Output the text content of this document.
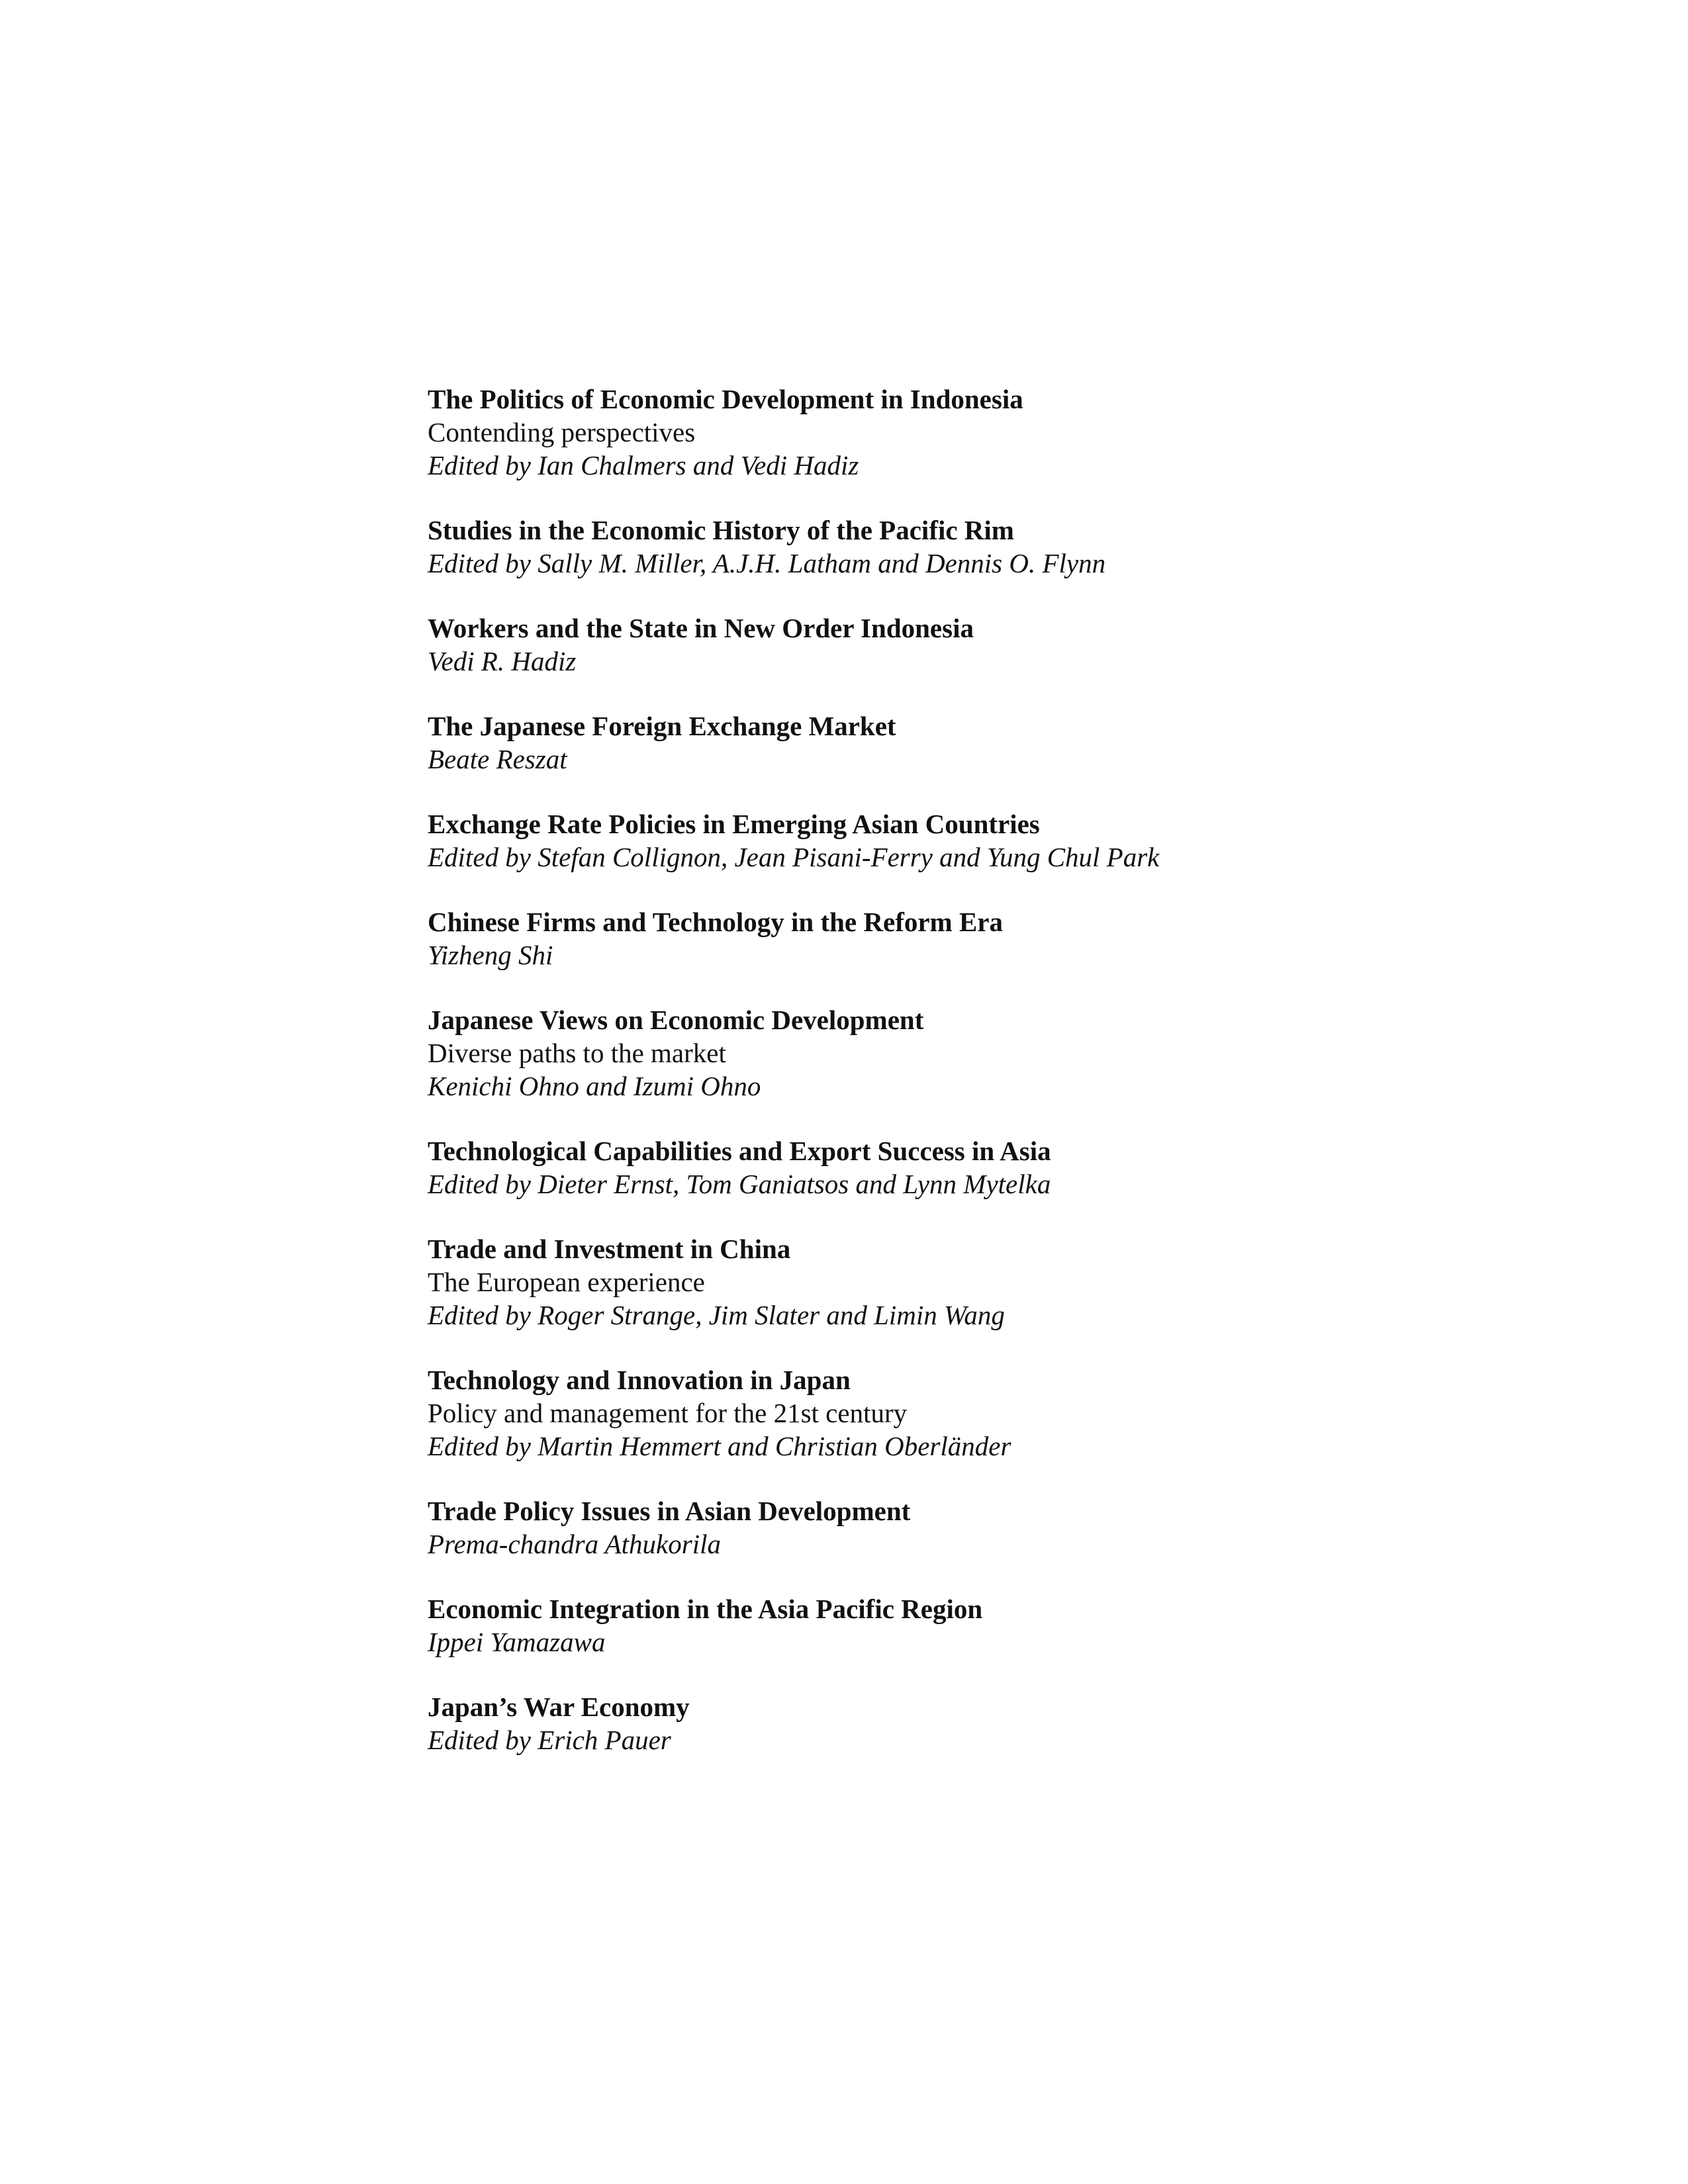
The Politics of Economic Development in Indonesia
Contending perspectives
Edited by Ian Chalmers and Vedi Hadiz
Studies in the Economic History of the Pacific Rim
Edited by Sally M. Miller, A.J.H. Latham and Dennis O. Flynn
Workers and the State in New Order Indonesia
Vedi R. Hadiz
The Japanese Foreign Exchange Market
Beate Reszat
Exchange Rate Policies in Emerging Asian Countries
Edited by Stefan Collignon, Jean Pisani-Ferry and Yung Chul Park
Chinese Firms and Technology in the Reform Era
Yizheng Shi
Japanese Views on Economic Development
Diverse paths to the market
Kenichi Ohno and Izumi Ohno
Technological Capabilities and Export Success in Asia
Edited by Dieter Ernst, Tom Ganiatsos and Lynn Mytelka
Trade and Investment in China
The European experience
Edited by Roger Strange, Jim Slater and Limin Wang
Technology and Innovation in Japan
Policy and management for the 21st century
Edited by Martin Hemmert and Christian Oberländer
Trade Policy Issues in Asian Development
Prema-chandra Athukorila
Economic Integration in the Asia Pacific Region
Ippei Yamazawa
Japan’s War Economy
Edited by Erich Pauer
